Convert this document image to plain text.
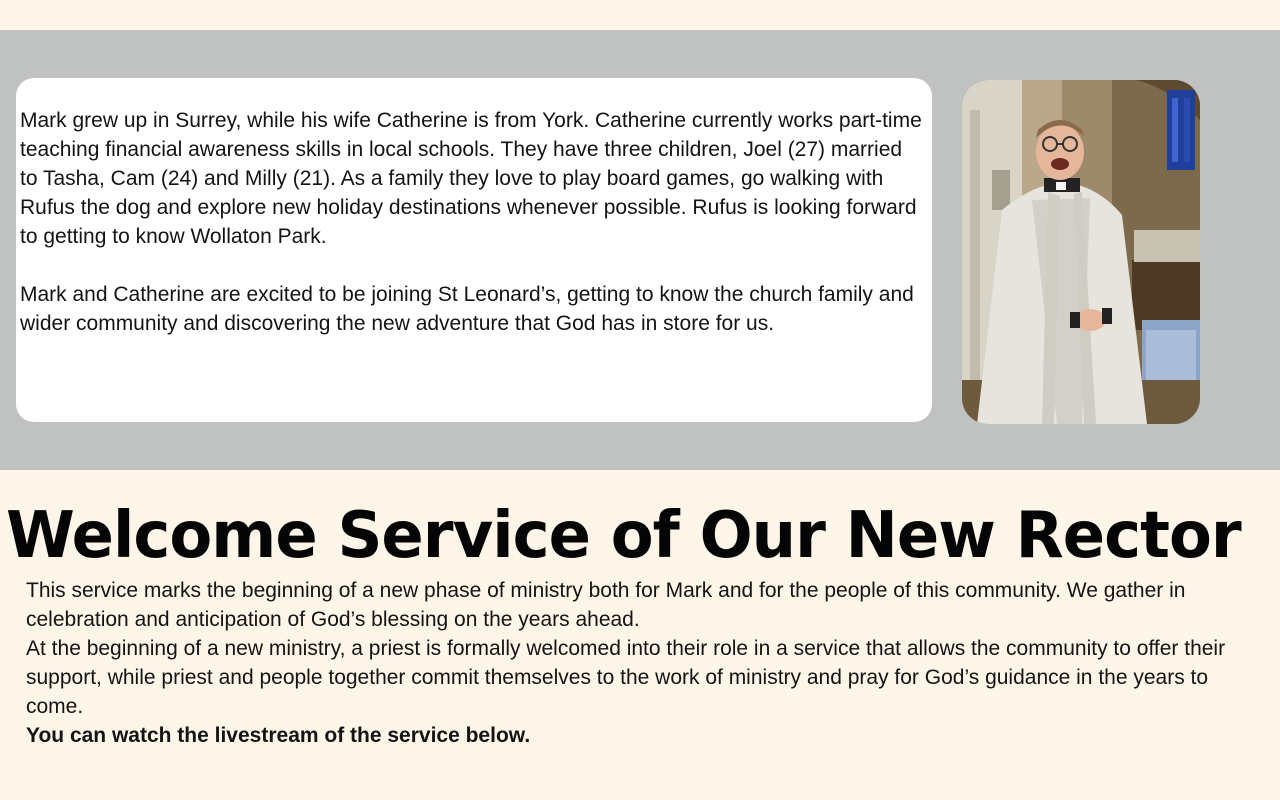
Mark grew up in Surrey, while his wife Catherine is from York. Catherine currently works part-time teaching financial awareness skills in local schools. They have three children, Joel (27) married to Tasha, Cam (24) and Milly (21). As a family they love to play board games, go walking with Rufus the dog and explore new holiday destinations whenever possible. Rufus is looking forward to getting to know Wollaton Park.

Mark and Catherine are excited to be joining St Leonard’s, getting to know the church family and wider community and discovering the new adventure that God has in store for us.

Welcome Service of Our New Rector

This service marks the beginning of a new phase of ministry both for Mark and for the people of this community. We gather in celebration and anticipation of God’s blessing on the years ahead.

At the beginning of a new ministry, a priest is formally welcomed into their role in a service that allows the community to offer their support, while priest and people together commit themselves to the work of ministry and pray for God’s guidance in the years to come.

You can watch the livestream of the service below.
